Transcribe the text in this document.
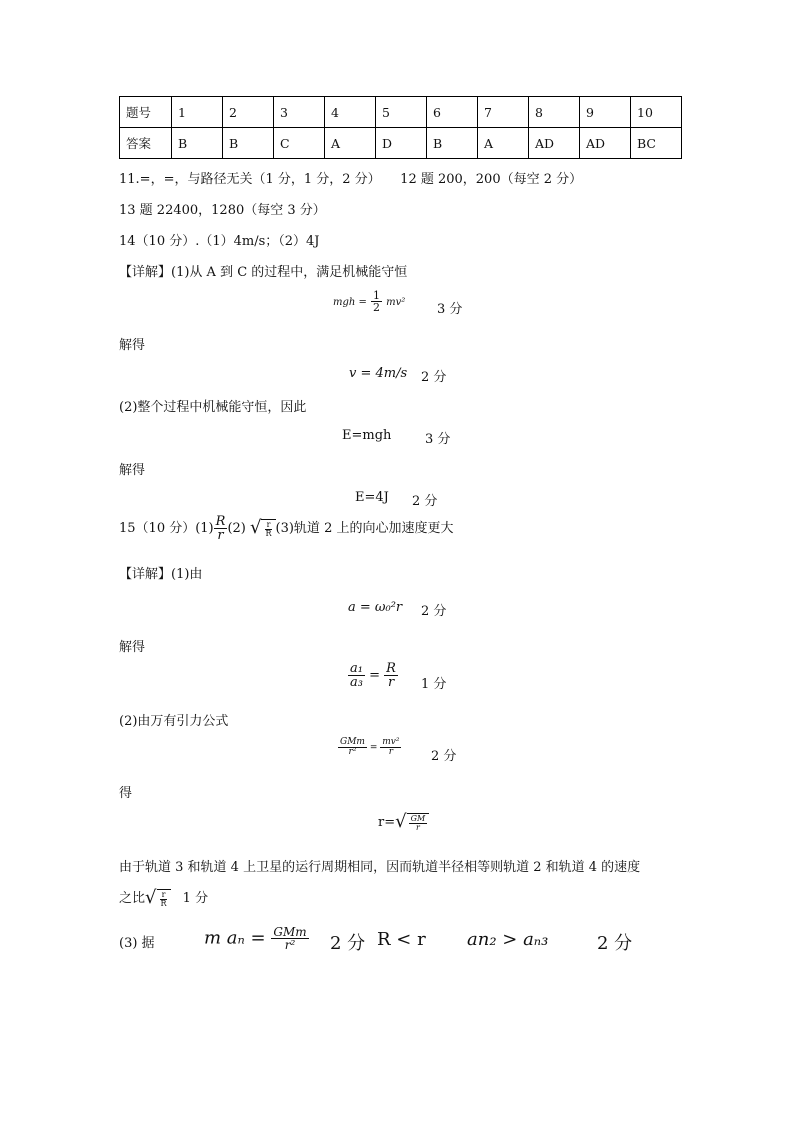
题号	1	2	3	4	5	6	7	8	9	10
答案	B	B	C	A	D	B	A	AD	AD	BC
11.=，=，与路径无关（1 分，1 分，2 分）　　12 题 200，200（每空 2 分）
13 题 22400，1280（每空 3 分）
14（10 分）.（1）4m/s；（2）4J
【详解】(1)从 A 到 C 的过程中，满足机械能守恒
mgh = $\frac{1}{2} mv^2$ 3 分
解得
v = 4m/s 2 分
(2)整个过程中机械能守恒，因此
E=mgh	3 分
解得
E=4J 2 分
15（10 分）$(1) \frac{R}{r} (2)$ √ $\frac{r}{R} (3)$轨道 2 上的向心加速度更大
【详解】(1)由
a = ω₀²r 2 分
解得
$\frac{\text{a₁}}{\text{a₃}} = \frac{R}{r} 1$ 分
(2)由万有引力公式
$\frac{\text{GMm}}{\text{r²}} = \frac{\text{mv²}}{r} 2$ 分
得
r= √ $\frac{GM}{r}$
由于轨道 3 和轨道 4 上卫星的运行周期相同，因而轨道半径相等则轨道 2 和轨道 4 的速度
之比 √ $\frac{r}{R} 1$ 分
(3) 据	m $a_n = \frac{\text{GMm}}{\text{r²}} 2$ 分 R < r an₂ > aₙ₃	2 分
